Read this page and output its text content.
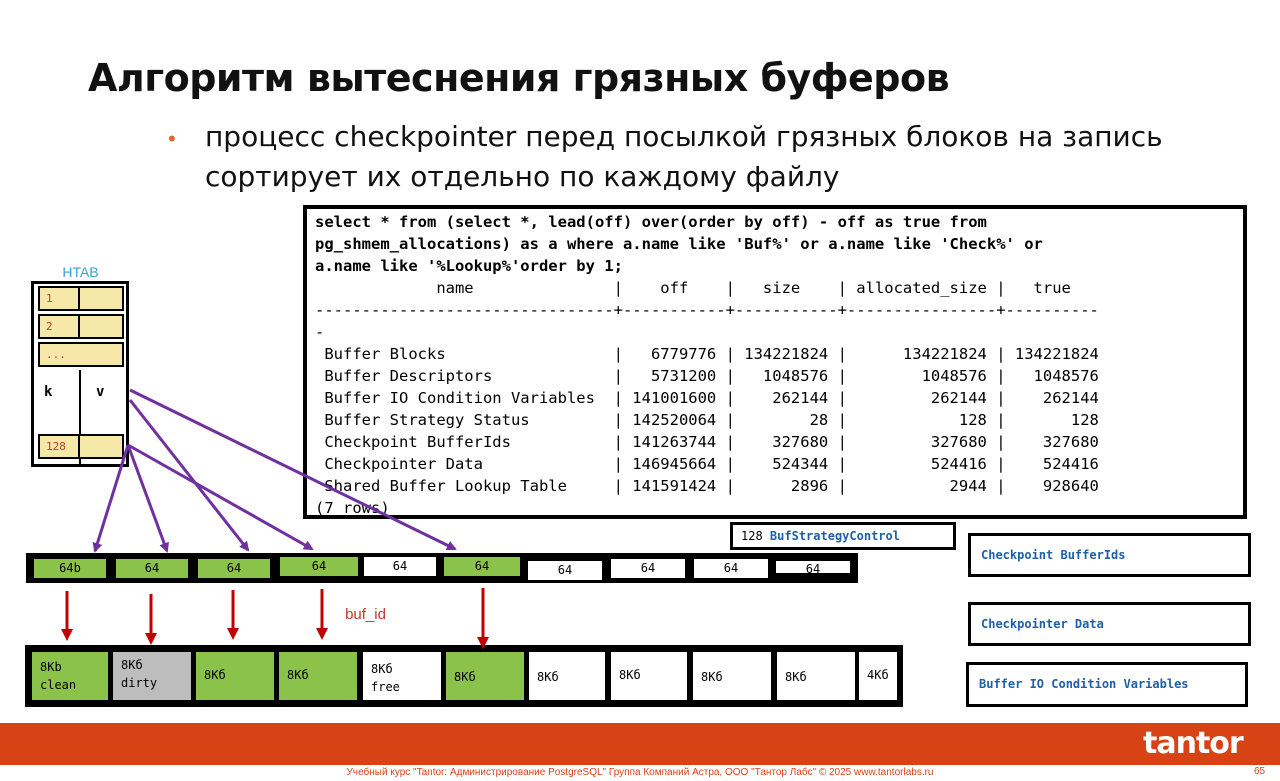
Алгоритм вытеснения грязных буферов
• процесс checkpointer перед посылкой грязных блоков на запись сортирует их отдельно по каждому файлу
select * from (select *, lead(off) over(order by off) - off as true from
pg_shmem_allocations) as a where a.name like 'Buf%' or a.name like 'Check%' or
a.name like '%Lookup%'order by 1;
name               |    off    |   size    | allocated_size |   true
--------------------------------+-----------+-----------+----------------+----------
-
Buffer Blocks                  |   6779776 | 134221824 |      134221824 | 134221824
Buffer Descriptors             |   5731200 |   1048576 |        1048576 |   1048576
Buffer IO Condition Variables  | 141001600 |    262144 |         262144 |    262144
Buffer Strategy Status         | 142520064 |        28 |            128 |       128
Checkpoint BufferIds           | 141263744 |    327680 |         327680 |    327680
Checkpointer Data              | 146945664 |    524344 |         524416 |    524416
Shared Buffer Lookup Table     | 141591424 |      2896 |           2944 |    928640
(7 rows)
HTAB
1
2
...
k	v
128
64b	64	64	64	64	64	64	64	64	64
buf_id
8Kb
clean
8Кб
dirty
8Кб	8Кб	8Кб
free
8Кб	8Кб	8Кб	8Кб	8Кб	4Кб
128 BufStrategyControl
Checkpoint BufferIds
Checkpointer Data
Buffer IO Condition Variables
tantor
Учебный курс "Tantor: Администрирование PostgreSQL" Группа Компаний Астра, ООО "Тантор Лабс" © 2025 www.tantorlabs.ru	65
